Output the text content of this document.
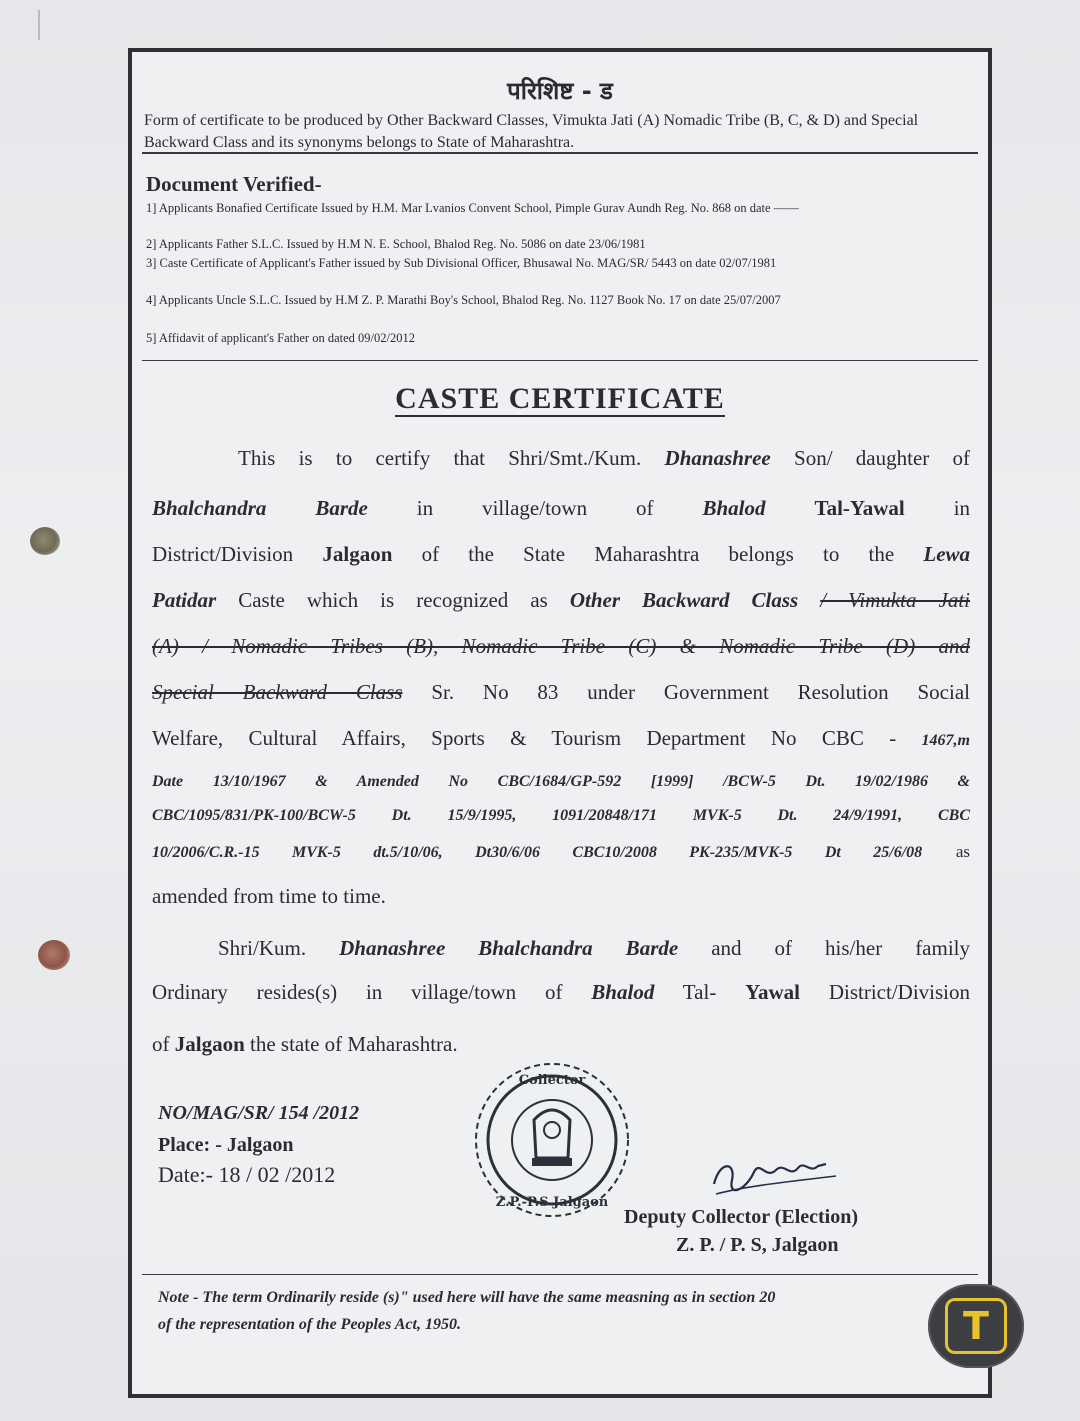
परिशिष्ट - ड
Form of certificate to be produced by Other Backward Classes, Vimukta Jati (A) Nomadic Tribe (B, C, & D) and Special Backward Class and its synonyms belongs to State of Maharashtra.
Document Verified-
1] Applicants Bonafied Certificate Issued by H.M. Mar Lvanios Convent School, Pimple Gurav Aundh Reg. No. 868 on date ——
2] Applicants Father S.L.C. Issued by H.M N. E. School, Bhalod Reg. No. 5086 on date 23/06/1981
3] Caste Certificate of Applicant's Father issued by Sub Divisional Officer, Bhusawal No. MAG/SR/ 5443 on date 02/07/1981
4] Applicants Uncle S.L.C. Issued by H.M Z. P. Marathi Boy's School, Bhalod Reg. No. 1127 Book No. 17 on date 25/07/2007
5] Affidavit of applicant's Father on dated 09/02/2012
CASTE CERTIFICATE
This is to certify that Shri/Smt./Kum. Dhanashree Son/ daughter of
Bhalchandra Barde in village/town of Bhalod Tal-Yawal in
District/Division Jalgaon of the State Maharashtra belongs to the Lewa
Patidar Caste which is recognized as Other Backward Class / Vimukta Jati
(A) / Nomadic Tribes (B), Nomadic Tribe (C) & Nomadic Tribe (D) and
Special Backward Class Sr. No 83 under Government Resolution Social
Welfare, Cultural Affairs, Sports & Tourism Department No CBC - 1467,m
Date 13/10/1967 & Amended No CBC/1684/GP-592 [1999] /BCW-5 Dt. 19/02/1986 &
CBC/1095/831/PK-100/BCW-5 Dt. 15/9/1995, 1091/20848/171 MVK-5 Dt. 24/9/1991, CBC
10/2006/C.R.-15 MVK-5 dt.5/10/06, Dt30/6/06 CBC10/2008 PK-235/MVK-5 Dt 25/6/08 as
amended from time to time.
Shri/Kum. Dhanashree Bhalchandra Barde and of his/her family
Ordinary resides(s) in village/town of Bhalod Tal- Yawal District/Division
of Jalgaon the state of Maharashtra.
NO/MAG/SR/ 154 /2012
Place: - Jalgaon
Date:- 18 / 02 /2012
Collector
Z.P.-P.S Jalgaon
Deputy Collector (Election)
Z. P. / P. S, Jalgaon
Note - The term Ordinarily reside (s)" used here will have the same measning as in section 20
of the representation of the Peoples Act, 1950.	T
